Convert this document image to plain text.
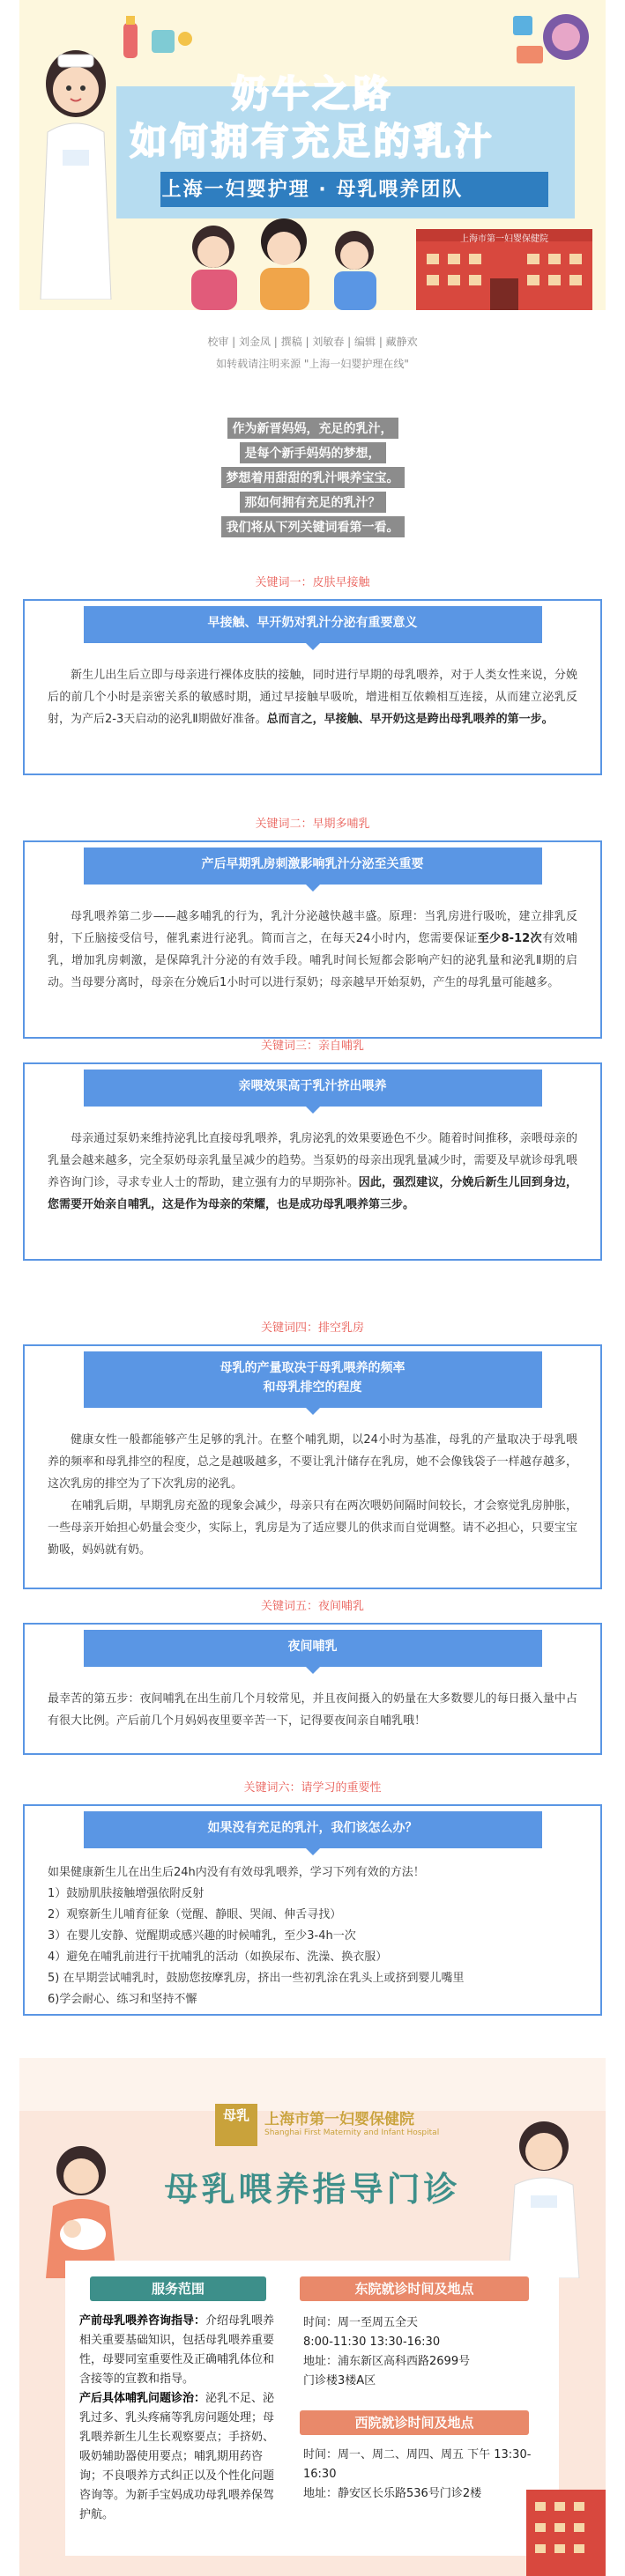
奶牛之路
如何拥有充足的乳汁
上海一妇婴护理 · 母乳喂养团队
上海市第一妇婴保健院
校审 | 刘金凤 | 撰稿 | 刘敏春 | 编辑 | 藏静欢
如转载请注明来源 "上海一妇婴护理在线"
作为新晋妈妈，充足的乳汁，
是每个新手妈妈的梦想，
梦想着用甜甜的乳汁喂养宝宝。
那如何拥有充足的乳汁？
我们将从下列关键词看第一看。
关键词一：皮肤早接触
早接触、早开奶对乳汁分泌有重要意义

新生儿出生后立即与母亲进行裸体皮肤的接触，同时进行早期的母乳喂养，对于人类女性来说，分娩后的前几个小时是亲密关系的敏感时期，通过早接触早吸吮，增进相互依赖相互连接，从而建立泌乳反射，为产后2-3天启动的泌乳Ⅱ期做好准备。总而言之，早接触、早开奶这是跨出母乳喂养的第一步。

关键词二：早期多哺乳
产后早期乳房刺激影响乳汁分泌至关重要

母乳喂养第二步——越多哺乳的行为，乳汁分泌越快越丰盛。原理：当乳房进行吸吮，建立排乳反射，下丘脑接受信号，催乳素进行泌乳。简而言之，在每天24小时内，您需要保证至少8-12次有效哺乳，增加乳房刺激，是保障乳汁分泌的有效手段。哺乳时间长短都会影响产妇的泌乳量和泌乳Ⅱ期的启动。当母婴分离时，母亲在分娩后1小时可以进行泵奶；母亲越早开始泵奶，产生的母乳量可能越多。

关键词三：亲自哺乳
亲喂效果高于乳汁挤出喂养

母亲通过泵奶来维持泌乳比直接母乳喂养，乳房泌乳的效果要逊色不少。随着时间推移，亲喂母亲的乳量会越来越多，完全泵奶母亲乳量呈减少的趋势。当泵奶的母亲出现乳量减少时，需要及早就诊母乳喂养咨询门诊，寻求专业人士的帮助，建立强有力的早期弥补。因此，强烈建议，分娩后新生儿回到身边，您需要开始亲自哺乳，这是作为母亲的荣耀，也是成功母乳喂养第三步。

关键词四：排空乳房
母乳的产量取决于母乳喂养的频率
和母乳排空的程度

健康女性一般都能够产生足够的乳汁。在整个哺乳期，以24小时为基准，母乳的产量取决于母乳喂养的频率和母乳排空的程度，总之是越吸越多，不要让乳汁储存在乳房，她不会像钱袋子一样越存越多，这次乳房的排空为了下次乳房的泌乳。

在哺乳后期，早期乳房充盈的现象会减少，母亲只有在两次喂奶间隔时间较长，才会察觉乳房肿胀，一些母亲开始担心奶量会变少，实际上，乳房是为了适应婴儿的供求而自觉调整。请不必担心，只要宝宝勤吸，妈妈就有奶。

关键词五：夜间哺乳
夜间哺乳

最幸苦的第五步：夜间哺乳在出生前几个月较常见，并且夜间摄入的奶量在大多数婴儿的每日摄入量中占有很大比例。产后前几个月妈妈夜里要辛苦一下，记得要夜间亲自哺乳哦！

关键词六：请学习的重要性
如果没有充足的乳汁，我们该怎么办？

如果健康新生儿在出生后24h内没有有效母乳喂养，学习下列有效的方法！

1）鼓励肌肤接触增强依附反射

2）观察新生儿哺育征象（觉醒、静眼、哭闹、伸舌寻找）

3）在婴儿安静、觉醒期或感兴趣的时候哺乳，至少3-4h一次

4）避免在哺乳前进行干扰哺乳的活动（如换尿布、洗澡、换衣服）

5) 在早期尝试哺乳时，鼓励您按摩乳房，挤出一些初乳涂在乳头上或挤到婴儿嘴里

6)学会耐心、练习和坚持不懈

母乳	上海市第一妇婴保健院
Shanghai First Maternity and Infant Hospital
母乳喂养指导门诊
服务范围
产前母乳喂养咨询指导：介绍母乳喂养相关重要基础知识，包括母乳喂养重要性，母婴同室重要性及正确哺乳体位和含接等的宣教和指导。
产后具体哺乳问题诊治：泌乳不足、泌乳过多、乳头疼痛等乳房问题处理；母乳喂养新生儿生长观察要点；手挤奶、吸奶辅助器使用要点；哺乳期用药咨询；不良喂养方式纠正以及个性化问题咨询等。为新手宝妈成功母乳喂养保驾护航。
东院就诊时间及地点
时间：周一至周五全天
8:00-11:30 13:30-16:30
地址：浦东新区高科西路2699号
门诊楼3楼A区
西院就诊时间及地点
时间：周一、周二、周四、周五 下午 13:30-16:30
地址：静安区长乐路536号门诊2楼
